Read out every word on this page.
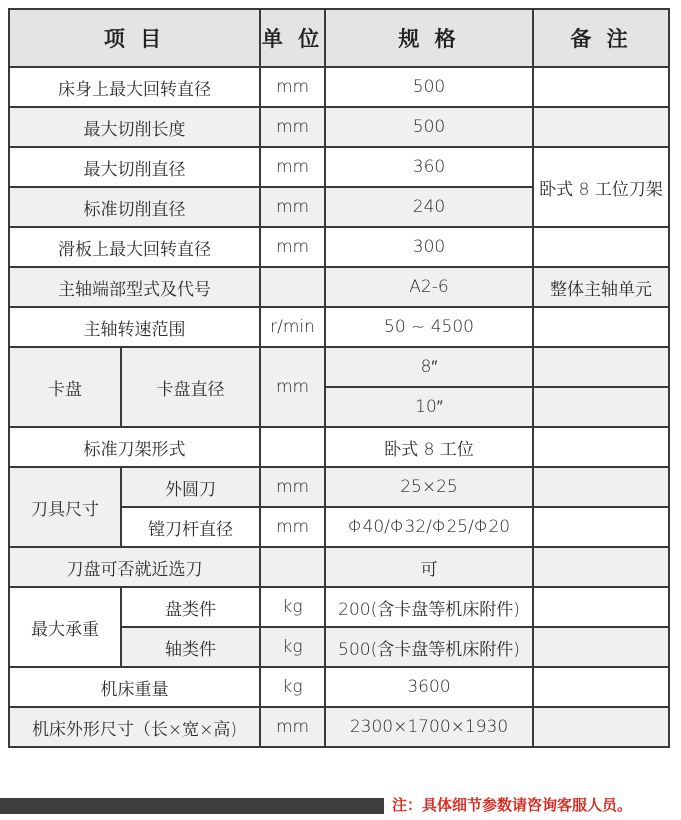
项 目		单 位	规 格	备 注
床身上最大回转直径		mm	500	
最大切削长度		mm	500	
最大切削直径		mm	360	卧式 8 工位刀架
标准切削直径		mm	240	
滑板上最大回转直径		mm	300	
主轴端部型式及代号			A2-6	整体主轴单元
主轴转速范围		r/min	50 ~ 4500	
卡盘	卡盘直径	mm	8″	
			10″	
标准刀架形式			卧式 8 工位	
刀具尺寸	外圆刀	mm	25×25	
	镗刀杆直径	mm	Φ40/Φ32/Φ25/Φ20	
刀盘可否就近选刀			可	
最大承重	盘类件	kg	200(含卡盘等机床附件)	
	轴类件	kg	500(含卡盘等机床附件)	
机床重量		kg	3600	
机床外形尺寸（长×宽×高)		mm	2300×1700×1930	
注：具体细节参数请咨询客服人员。
